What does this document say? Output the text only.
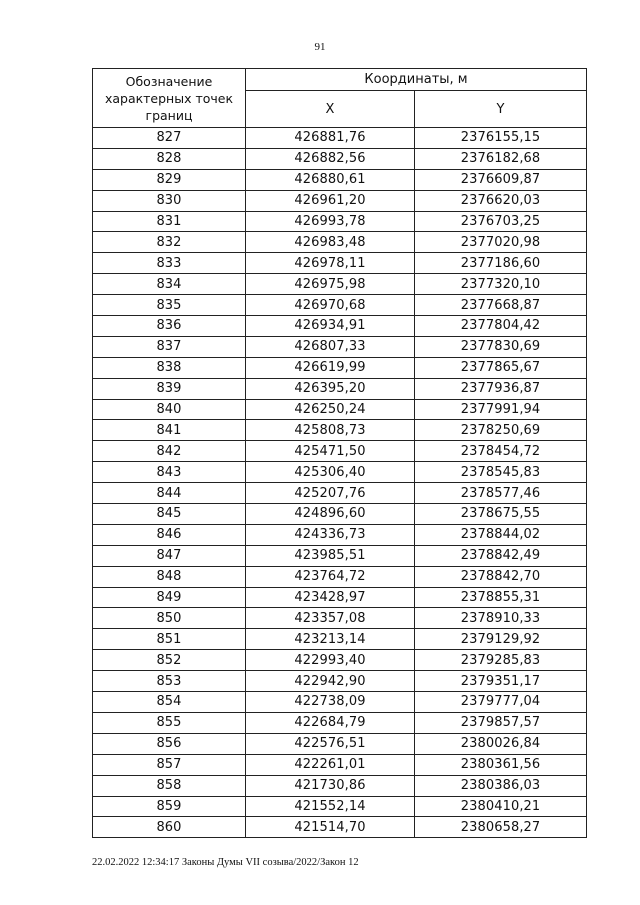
91
Обозначение характерных точек границ	Координаты, м	
	X	Y
827	426881,76	2376155,15
828	426882,56	2376182,68
829	426880,61	2376609,87
830	426961,20	2376620,03
831	426993,78	2376703,25
832	426983,48	2377020,98
833	426978,11	2377186,60
834	426975,98	2377320,10
835	426970,68	2377668,87
836	426934,91	2377804,42
837	426807,33	2377830,69
838	426619,99	2377865,67
839	426395,20	2377936,87
840	426250,24	2377991,94
841	425808,73	2378250,69
842	425471,50	2378454,72
843	425306,40	2378545,83
844	425207,76	2378577,46
845	424896,60	2378675,55
846	424336,73	2378844,02
847	423985,51	2378842,49
848	423764,72	2378842,70
849	423428,97	2378855,31
850	423357,08	2378910,33
851	423213,14	2379129,92
852	422993,40	2379285,83
853	422942,90	2379351,17
854	422738,09	2379777,04
855	422684,79	2379857,57
856	422576,51	2380026,84
857	422261,01	2380361,56
858	421730,86	2380386,03
859	421552,14	2380410,21
860	421514,70	2380658,27
22.02.2022 12:34:17 Законы Думы VII созыва/2022/Закон 12
